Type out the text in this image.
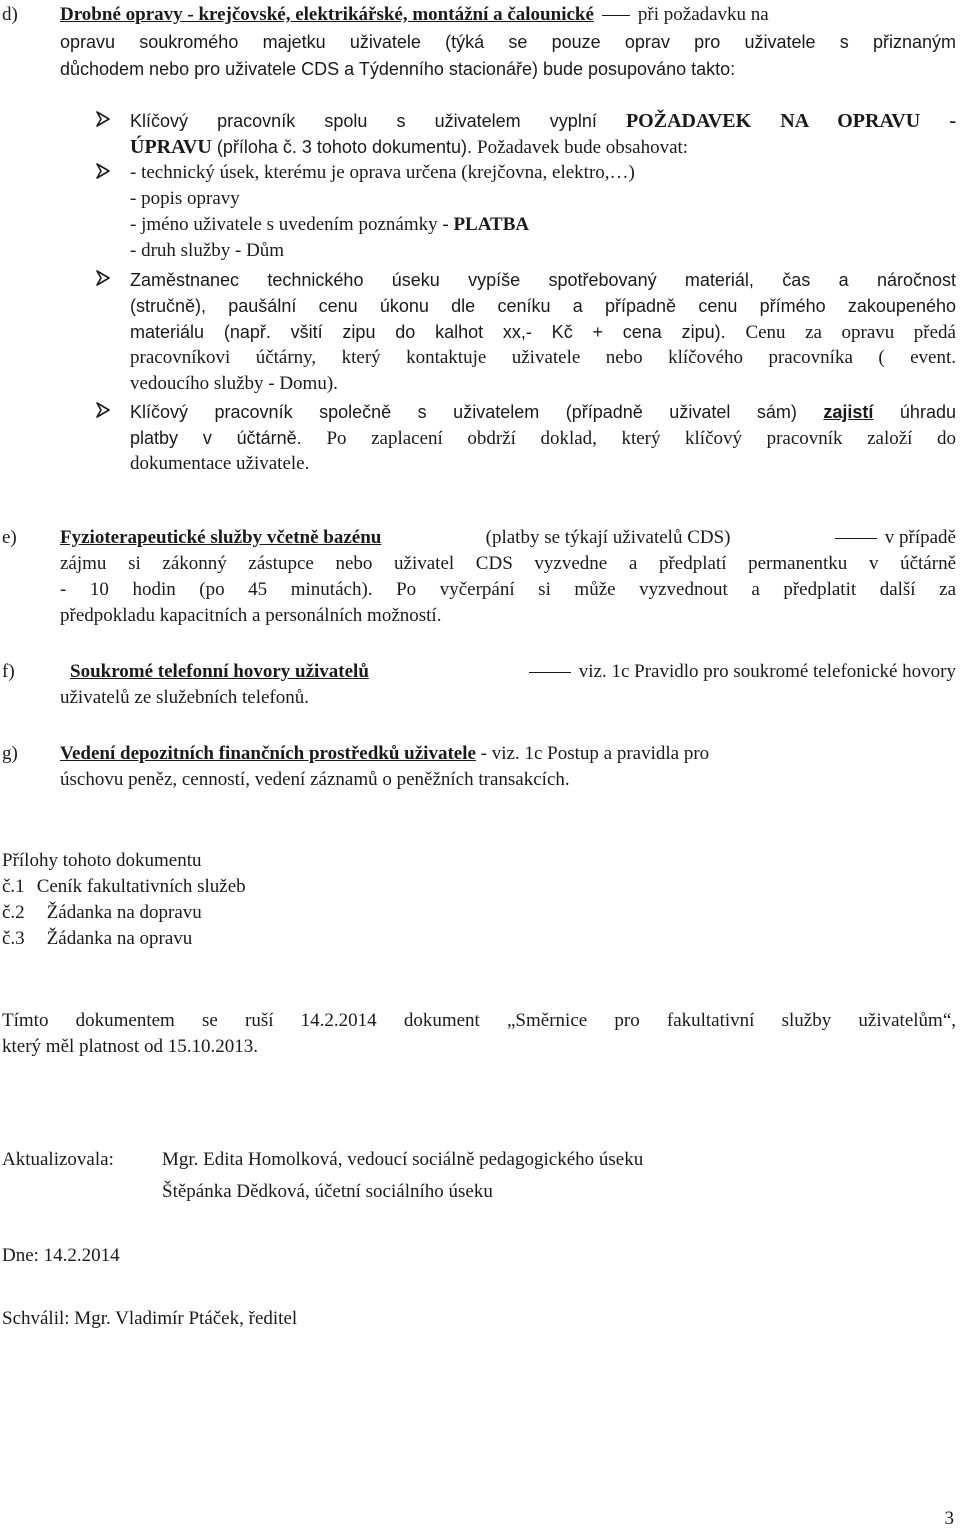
d) Drobné opravy - krejčovské, elektrikářské, montážní a čalounické při požadavku na
opravu soukromého majetku uživatele (týká se pouze oprav pro uživatele s přiznaným
důchodem nebo pro uživatele CDS a Týdenního stacionáře) bude posupováno takto:
Klíčový pracovník spolu s uživatelem vyplní POŽADAVEK NA OPRAVU -
ÚPRAVU (příloha č. 3 tohoto dokumentu). Požadavek bude obsahovat:
- technický úsek, kterému je oprava určena (krejčovna, elektro,…)
- popis opravy
- jméno uživatele s uvedením poznámky - PLATBA
- druh služby - Dům
Zaměstnanec technického úseku vypíše spotřebovaný materiál, čas a náročnost
(stručně), paušální cenu úkonu dle ceníku a případně cenu přímého zakoupeného
materiálu (např. všití zipu do kalhot xx,- Kč + cena zipu). Cenu za opravu předá
pracovníkovi účtárny, který kontaktuje uživatele nebo klíčového pracovníka ( event.
vedoucího služby - Domu).
Klíčový pracovník společně s uživatelem (případně uživatel sám) zajistí úhradu
platby v účtárně. Po zaplacení obdrží doklad, který klíčový pracovník založí do
dokumentace uživatele.
e) Fyzioterapeutické služby včetně bazénu	(platby se týkají uživatelů CDS)	v případě
zájmu si zákonný zástupce nebo uživatel CDS vyzvedne a předplatí permanentku v účtárně
- 10 hodin (po 45 minutách). Po vyčerpání si může vyzvednout a předplatit další za
předpokladu kapacitních a personálních možností.
f)	Soukromé telefonní hovory uživatelů	viz. 1c Pravidlo pro soukromé telefonické hovory
uživatelů ze služebních telefonů.
g) Vedení depozitních finančních prostředků uživatele - viz. 1c Postup a pravidla pro
úschovu peněz, cenností, vedení záznamů o peněžních transakcích.
Přílohy tohoto dokumentu
č.1 Ceník fakultativních služeb
č.2 Žádanka na dopravu
č.3 Žádanka na opravu
Tímto dokumentem se ruší 14.2.2014 dokument „Směrnice pro fakultativní služby uživatelům“,
který měl platnost od 15.10.2013.
Aktualizovala:	Mgr. Edita Homolková, vedoucí sociálně pedagogického úseku
Štěpánka Dědková, účetní sociálního úseku
Dne: 14.2.2014
Schválil: Mgr. Vladimír Ptáček, ředitel
3
